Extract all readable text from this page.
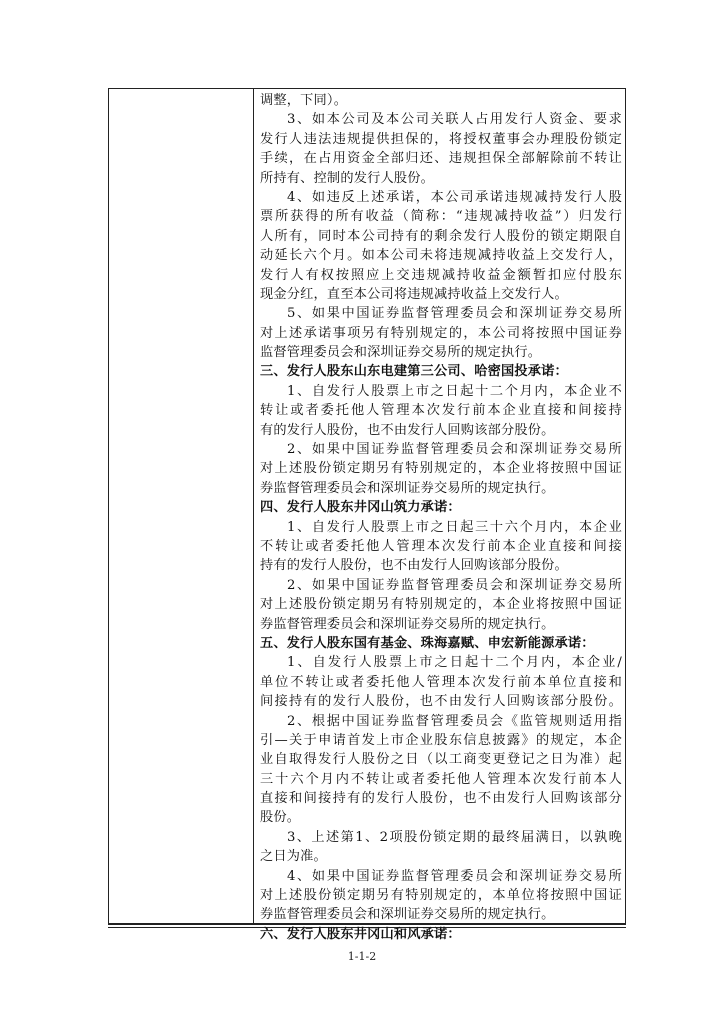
调整，下同）。
3、如本公司及本公司关联人占用发行人资金、要求
发行人违法违规提供担保的，将授权董事会办理股份锁定
手续，在占用资金全部归还、违规担保全部解除前不转让
所持有、控制的发行人股份。
4、如违反上述承诺，本公司承诺违规减持发行人股
票所获得的所有收益（简称：“违规减持收益”）归发行
人所有，同时本公司持有的剩余发行人股份的锁定期限自
动延长六个月。如本公司未将违规减持收益上交发行人，
发行人有权按照应上交违规减持收益金额暂扣应付股东
现金分红，直至本公司将违规减持收益上交发行人。
5、如果中国证券监督管理委员会和深圳证券交易所
对上述承诺事项另有特别规定的，本公司将按照中国证券
监督管理委员会和深圳证券交易所的规定执行。
三、发行人股东山东电建第三公司、哈密国投承诺：
1、自发行人股票上市之日起十二个月内，本企业不
转让或者委托他人管理本次发行前本企业直接和间接持
有的发行人股份，也不由发行人回购该部分股份。
2、如果中国证券监督管理委员会和深圳证券交易所
对上述股份锁定期另有特别规定的，本企业将按照中国证
券监督管理委员会和深圳证券交易所的规定执行。
四、发行人股东井冈山筑力承诺：
1、自发行人股票上市之日起三十六个月内，本企业
不转让或者委托他人管理本次发行前本企业直接和间接
持有的发行人股份，也不由发行人回购该部分股份。
2、如果中国证券监督管理委员会和深圳证券交易所
对上述股份锁定期另有特别规定的，本企业将按照中国证
券监督管理委员会和深圳证券交易所的规定执行。
五、发行人股东国有基金、珠海嘉赋、申宏新能源承诺：
1、自发行人股票上市之日起十二个月内，本企业/
单位不转让或者委托他人管理本次发行前本单位直接和
间接持有的发行人股份，也不由发行人回购该部分股份。
2、根据中国证券监督管理委员会《监管规则适用指
引—关于申请首发上市企业股东信息披露》的规定，本企
业自取得发行人股份之日（以工商变更登记之日为准）起
三十六个月内不转让或者委托他人管理本次发行前本人
直接和间接持有的发行人股份，也不由发行人回购该部分
股份。
3、上述第1、2项股份锁定期的最终届满日，以孰晚
之日为准。
4、如果中国证券监督管理委员会和深圳证券交易所
对上述股份锁定期另有特别规定的，本单位将按照中国证
券监督管理委员会和深圳证券交易所的规定执行。
六、发行人股东井冈山和风承诺：
1-1-2
